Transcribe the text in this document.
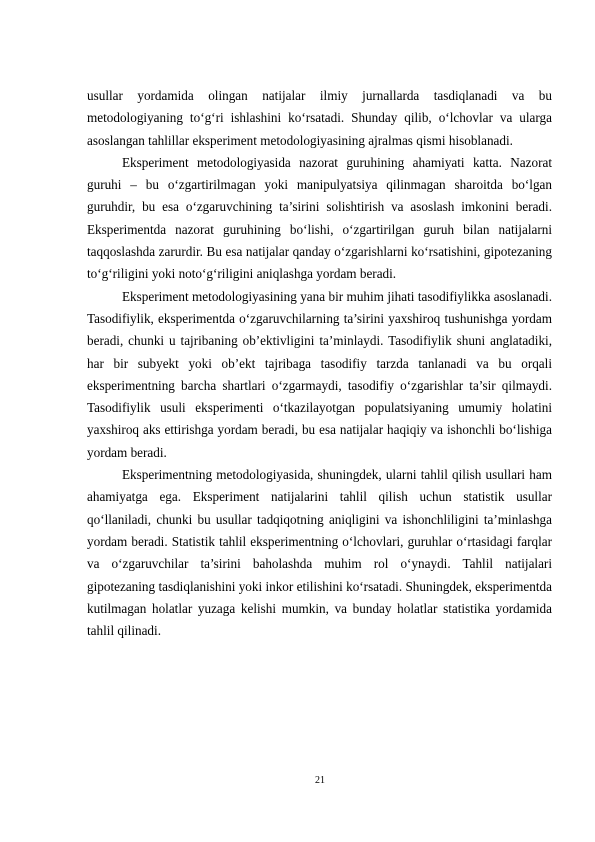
usullar yordamida olingan natijalar ilmiy jurnallarda tasdiqlanadi va bu metodologiyaning to‘g‘ri ishlashini ko‘rsatadi. Shunday qilib, o‘lchovlar va ularga asoslangan tahlillar eksperiment metodologiyasining ajralmas qismi hisoblanadi.

Eksperiment metodologiyasida nazorat guruhining ahamiyati katta. Nazorat guruhi – bu o‘zgartirilmagan yoki manipulyatsiya qilinmagan sharoitda bo‘lgan guruhdir, bu esa o‘zgaruvchining ta’sirini solishtirish va asoslash imkonini beradi. Eksperimentda nazorat guruhining bo‘lishi, o‘zgartirilgan guruh bilan natijalarni taqqoslashda zarurdir. Bu esa natijalar qanday o‘zgarishlarni ko‘rsatishini, gipotezaning to‘g‘riligini yoki noto‘g‘riligini aniqlashga yordam beradi.

Eksperiment metodologiyasining yana bir muhim jihati tasodifiylikka asoslanadi. Tasodifiylik, eksperimentda o‘zgaruvchilarning ta’sirini yaxshiroq tushunishga yordam beradi, chunki u tajribaning ob’ektivligini ta’minlaydi. Tasodifiylik shuni anglatadiki, har bir subyekt yoki ob’ekt tajribaga tasodifiy tarzda tanlanadi va bu orqali eksperimentning barcha shartlari o‘zgarmaydi, tasodifiy o‘zgarishlar ta’sir qilmaydi. Tasodifiylik usuli eksperimenti o‘tkazilayotgan populatsiyaning umumiy holatini yaxshiroq aks ettirishga yordam beradi, bu esa natijalar haqiqiy va ishonchli bo‘lishiga yordam beradi.

Eksperimentning metodologiyasida, shuningdek, ularni tahlil qilish usullari ham ahamiyatga ega. Eksperiment natijalarini tahlil qilish uchun statistik usullar qo‘llaniladi, chunki bu usullar tadqiqotning aniqligini va ishonchliligini ta’minlashga yordam beradi. Statistik tahlil eksperimentning o‘lchovlari, guruhlar o‘rtasidagi farqlar va o‘zgaruvchilar ta’sirini baholashda muhim rol o‘ynaydi. Tahlil natijalari gipotezaning tasdiqlanishini yoki inkor etilishini ko‘rsatadi. Shuningdek, eksperimentda kutilmagan holatlar yuzaga kelishi mumkin, va bunday holatlar statistika yordamida tahlil qilinadi.

21
